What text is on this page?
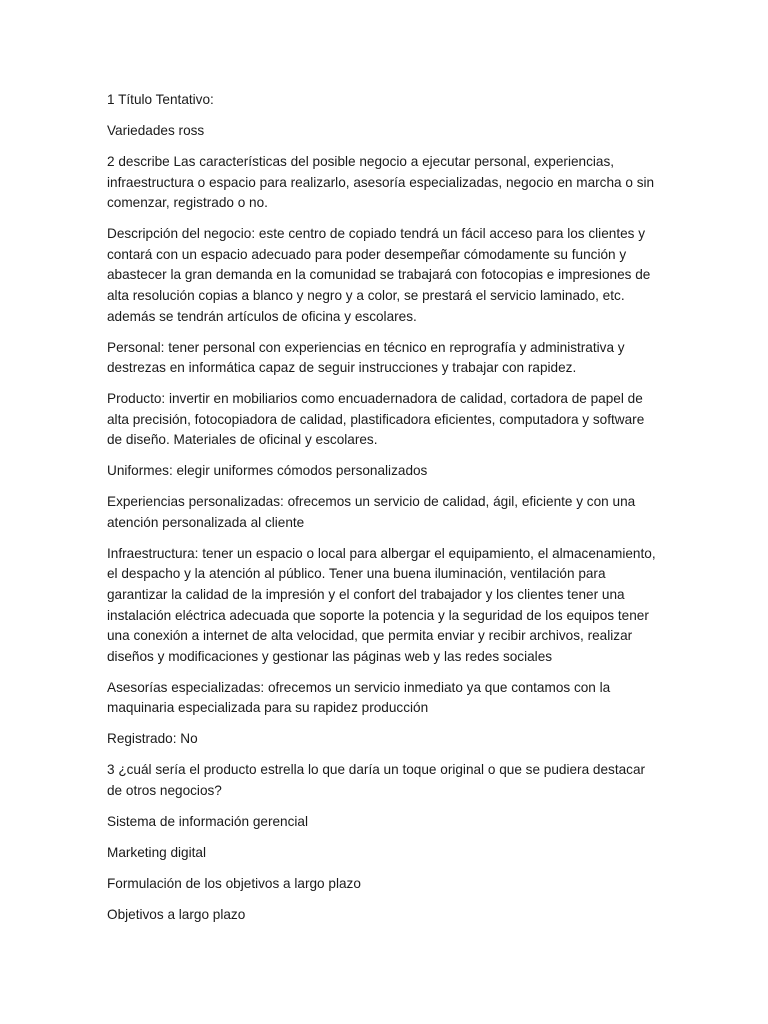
1 Título Tentativo:

Variedades ross

2 describe Las características del posible negocio a ejecutar personal, experiencias, infraestructura o espacio para realizarlo, asesoría especializadas, negocio en marcha o sin comenzar, registrado o no.

Descripción del negocio: este centro de copiado tendrá un fácil acceso para los clientes y contará con un espacio adecuado para poder desempeñar cómodamente su función y abastecer la gran demanda en la comunidad se trabajará con fotocopias e impresiones de alta resolución copias a blanco y negro y a color, se prestará el servicio laminado, etc. además se tendrán artículos de oficina y escolares.

Personal: tener personal con experiencias en técnico en reprografía y administrativa y destrezas en informática capaz de seguir instrucciones y trabajar con rapidez.

Producto: invertir en mobiliarios como encuadernadora de calidad, cortadora de papel de alta precisión, fotocopiadora de calidad, plastificadora eficientes, computadora y software de diseño. Materiales de oficinal y escolares.

Uniformes: elegir uniformes cómodos personalizados

Experiencias personalizadas: ofrecemos un servicio de calidad, ágil, eficiente y con una atención personalizada al cliente

Infraestructura: tener un espacio o local para albergar el equipamiento, el almacenamiento, el despacho y la atención al público. Tener una buena iluminación, ventilación para garantizar la calidad de la impresión y el confort del trabajador y los clientes tener una instalación eléctrica adecuada que soporte la potencia y la seguridad de los equipos tener una conexión a internet de alta velocidad, que permita enviar y recibir archivos, realizar diseños y modificaciones y gestionar las páginas web y las redes sociales

Asesorías especializadas: ofrecemos un servicio inmediato ya que contamos con la maquinaria especializada para su rapidez producción

Registrado: No

3 ¿cuál sería el producto estrella lo que daría un toque original o que se pudiera destacar de otros negocios?

Sistema de información gerencial

Marketing digital

Formulación de los objetivos a largo plazo

Objetivos a largo plazo
